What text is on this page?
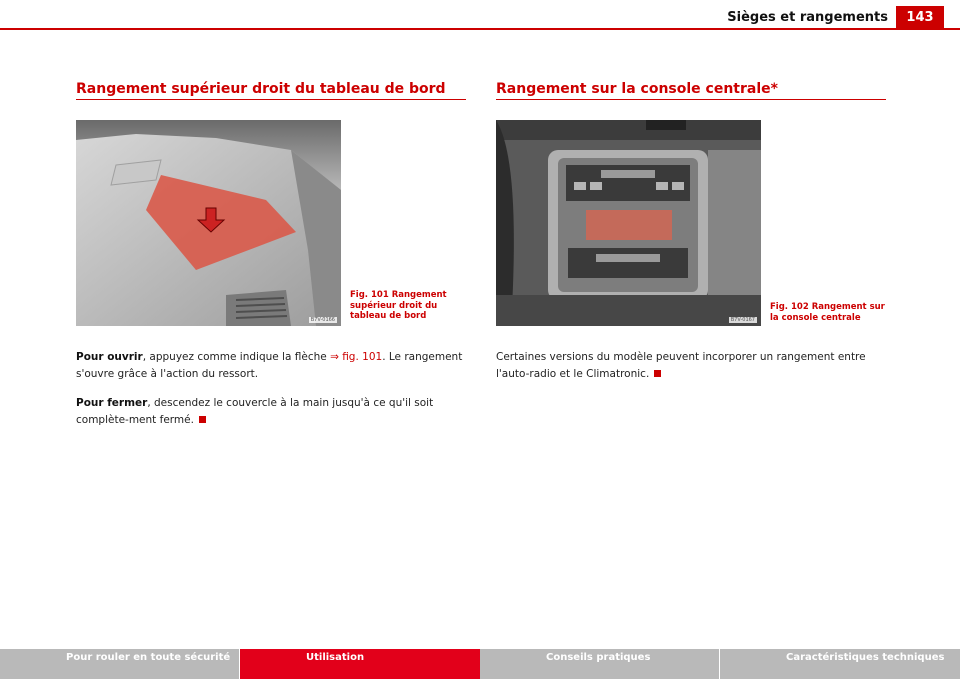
Sièges et rangements	143
Rangement supérieur droit du tableau de bord
B7V-0166
Fig. 101 Rangement supérieur droit du tableau de bord

Pour ouvrir, appuyez comme indique la flèche ⇒ fig. 101. Le rangement s'ouvre grâce à l'action du ressort.

Pour fermer, descendez le couvercle à la main jusqu'à ce qu'il soit complète-ment fermé.

Rangement sur la console centrale*
B7V-0167
Fig. 102 Rangement sur la console centrale

Certaines versions du modèle peuvent incorporer un rangement entre l'auto-radio et le Climatronic.

Pour rouler en toute sécurité	Utilisation	Conseils pratiques	Caractéristiques techniques
